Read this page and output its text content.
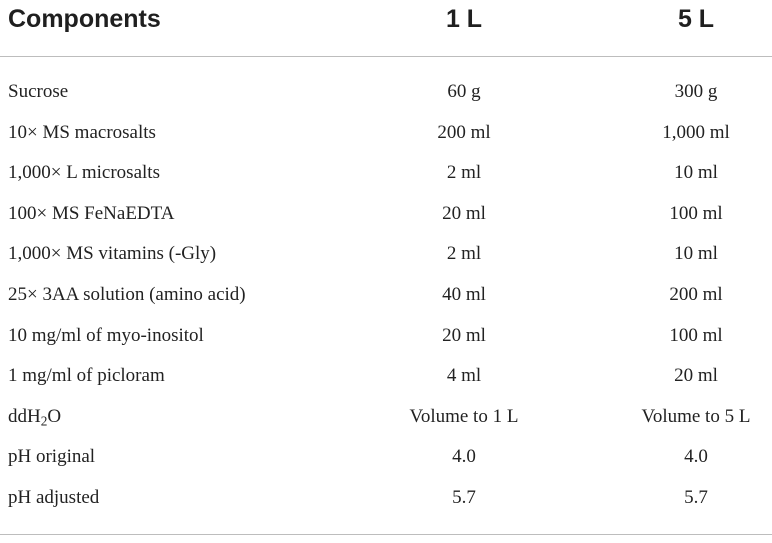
Components	1 L	5 L
Sucrose	60 g	300 g
10× MS macrosalts	200 ml	1,000 ml
1,000× L microsalts	2 ml	10 ml
100× MS FeNaEDTA	20 ml	100 ml
1,000× MS vitamins (-Gly)	2 ml	10 ml
25× 3AA solution (amino acid)	40 ml	200 ml
10 mg/ml of myo-inositol	20 ml	100 ml
1 mg/ml of picloram	4 ml	20 ml
ddH$_2$O	Volume to 1 L	Volume to 5 L
pH original	4.0	4.0
pH adjusted	5.7	5.7
